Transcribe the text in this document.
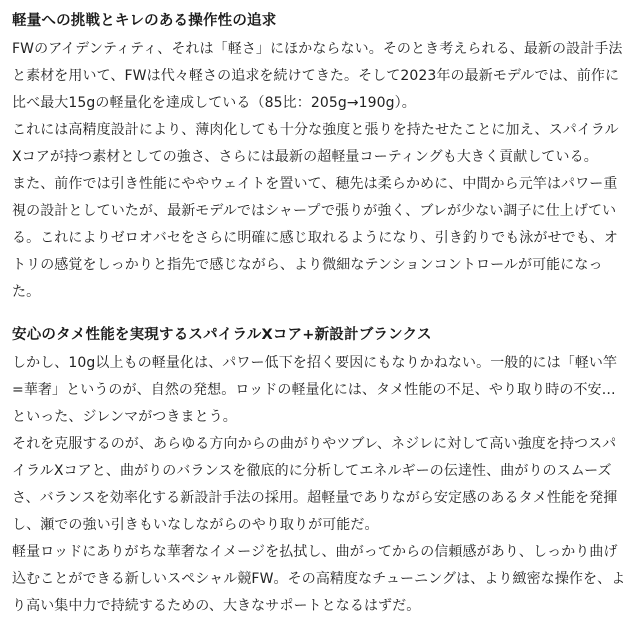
軽量への挑戦とキレのある操作性の追求

FWのアイデンティティ、それは「軽さ」にほかならない。そのとき考えられる、最新の設計手法と素材を用いて、FWは代々軽さの追求を続けてきた。そして2023年の最新モデルでは、前作に比べ最大15gの軽量化を達成している（85比：205g→190g）。

これには高精度設計により、薄肉化しても十分な強度と張りを持たせたことに加え、スパイラルXコアが持つ素材としての強さ、さらには最新の超軽量コーティングも大きく貢献している。

また、前作では引き性能にややウェイトを置いて、穂先は柔らかめに、中間から元竿はパワー重視の設計としていたが、最新モデルではシャープで張りが強く、ブレが少ない調子に仕上げている。これによりゼロオバセをさらに明確に感じ取れるようになり、引き釣りでも泳がせでも、オトリの感覚をしっかりと指先で感じながら、より微細なテンションコントロールが可能になった。

安心のタメ性能を実現するスパイラルXコア+新設計ブランクス

しかし、10g以上もの軽量化は、パワー低下を招く要因にもなりかねない。一般的には「軽い竿=華奢」というのが、自然の発想。ロッドの軽量化には、タメ性能の不足、やり取り時の不安…といった、ジレンマがつきまとう。

それを克服するのが、あらゆる方向からの曲がりやツブレ、ネジレに対して高い強度を持つスパイラルXコアと、曲がりのバランスを徹底的に分析してエネルギーの伝達性、曲がりのスムーズさ、バランスを効率化する新設計手法の採用。超軽量でありながら安定感のあるタメ性能を発揮し、瀬での強い引きもいなしながらのやり取りが可能だ。

軽量ロッドにありがちな華奢なイメージを払拭し、曲がってからの信頼感があり、しっかり曲げ込むことができる新しいスペシャル競FW。その高精度なチューニングは、より緻密な操作を、より高い集中力で持続するための、大きなサポートとなるはずだ。
